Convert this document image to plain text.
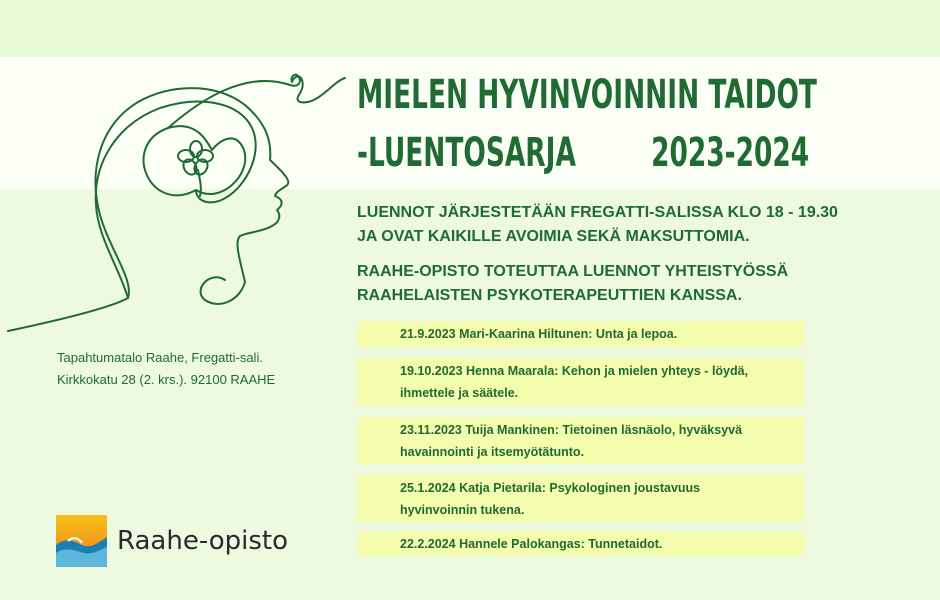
MIELEN HYVINVOINNIN TAIDOT
-LUENTOSARJA 2023-2024
LUENNOT JÄRJESTETÄÄN FREGATTI-SALISSA KLO 18 - 19.30
JA OVAT KAIKILLE AVOIMIA SEKÄ MAKSUTTOMIA.
RAAHE-OPISTO TOTEUTTAA LUENNOT YHTEISTYÖSSÄ
RAAHELAISTEN PSYKOTERAPEUTTIEN KANSSA.
Tapahtumatalo Raahe, Fregatti-sali.
Kirkkokatu 28 (2. krs.). 92100 RAAHE
21.9.2023 Mari-Kaarina Hiltunen: Unta ja lepoa.
19.10.2023 Henna Maarala: Kehon ja mielen yhteys - löydä,
ihmettele ja säätele.
23.11.2023 Tuija Mankinen: Tietoinen läsnäolo, hyväksyvä
havainnointi ja itsemyötätunto.
25.1.2024 Katja Pietarila: Psykologinen joustavuus
hyvinvoinnin tukena.
22.2.2024 Hannele Palokangas: Tunnetaidot.
Raahe-opisto
